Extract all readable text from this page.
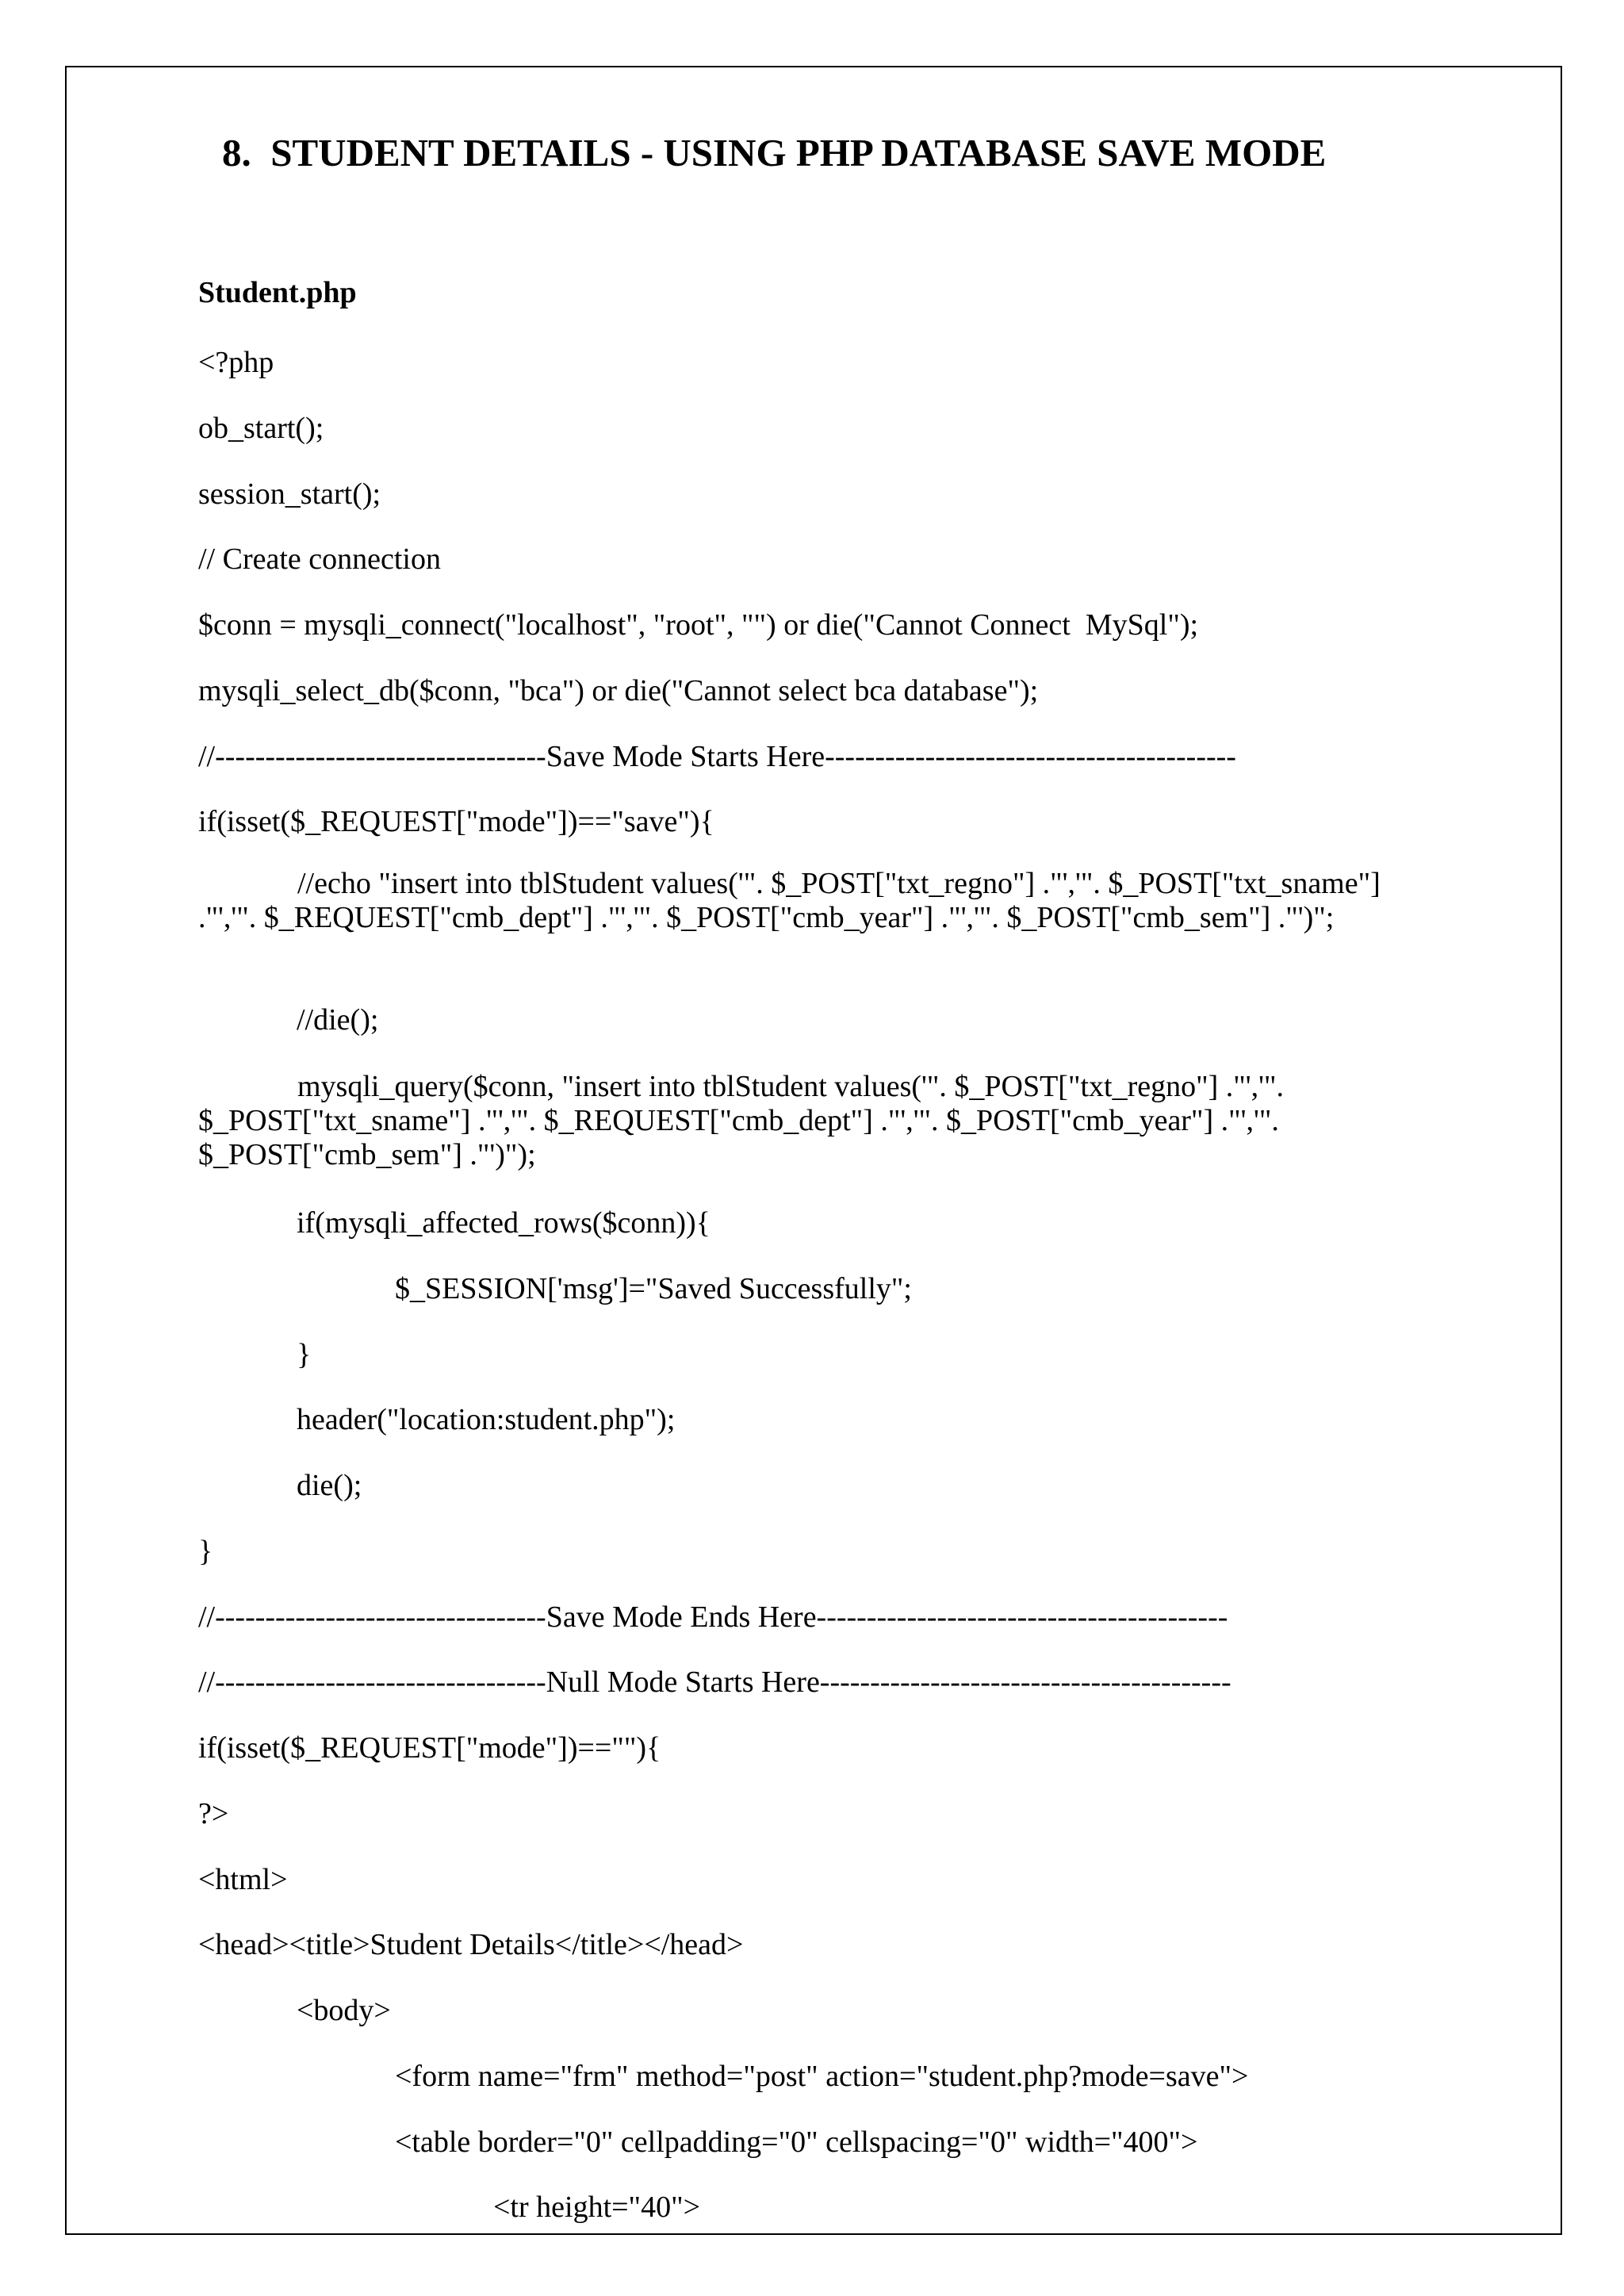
8.  STUDENT DETAILS - USING PHP DATABASE SAVE MODE
Student.php
<?php
ob_start();
session_start();
// Create connection
$conn = mysqli_connect("localhost", "root", "") or die("Cannot Connect  MySql");
mysqli_select_db($conn, "bca") or die("Cannot select bca database");
//---------------------------------Save Mode Starts Here-----------------------------------------
if(isset($_REQUEST["mode"])=="save"){
//echo "insert into tblStudent values('". $_POST["txt_regno"] ."','". $_POST["txt_sname"] ."','". $_REQUEST["cmb_dept"] ."','". $_POST["cmb_year"] ."','". $_POST["cmb_sem"] ."')";
//die();
mysqli_query($conn, "insert into tblStudent values('". $_POST["txt_regno"] ."','". $_POST["txt_sname"] ."','". $_REQUEST["cmb_dept"] ."','". $_POST["cmb_year"] ."','". $_POST["cmb_sem"] ."')");
if(mysqli_affected_rows($conn)){
$_SESSION['msg']="Saved Successfully";
}
header("location:student.php");
die();
}
//---------------------------------Save Mode Ends Here-----------------------------------------
//---------------------------------Null Mode Starts Here-----------------------------------------
if(isset($_REQUEST["mode"])==""){
?>
<html>
<head><title>Student Details</title></head>
<body>
<form name="frm" method="post" action="student.php?mode=save">
<table border="0" cellpadding="0" cellspacing="0" width="400">
<tr height="40">
